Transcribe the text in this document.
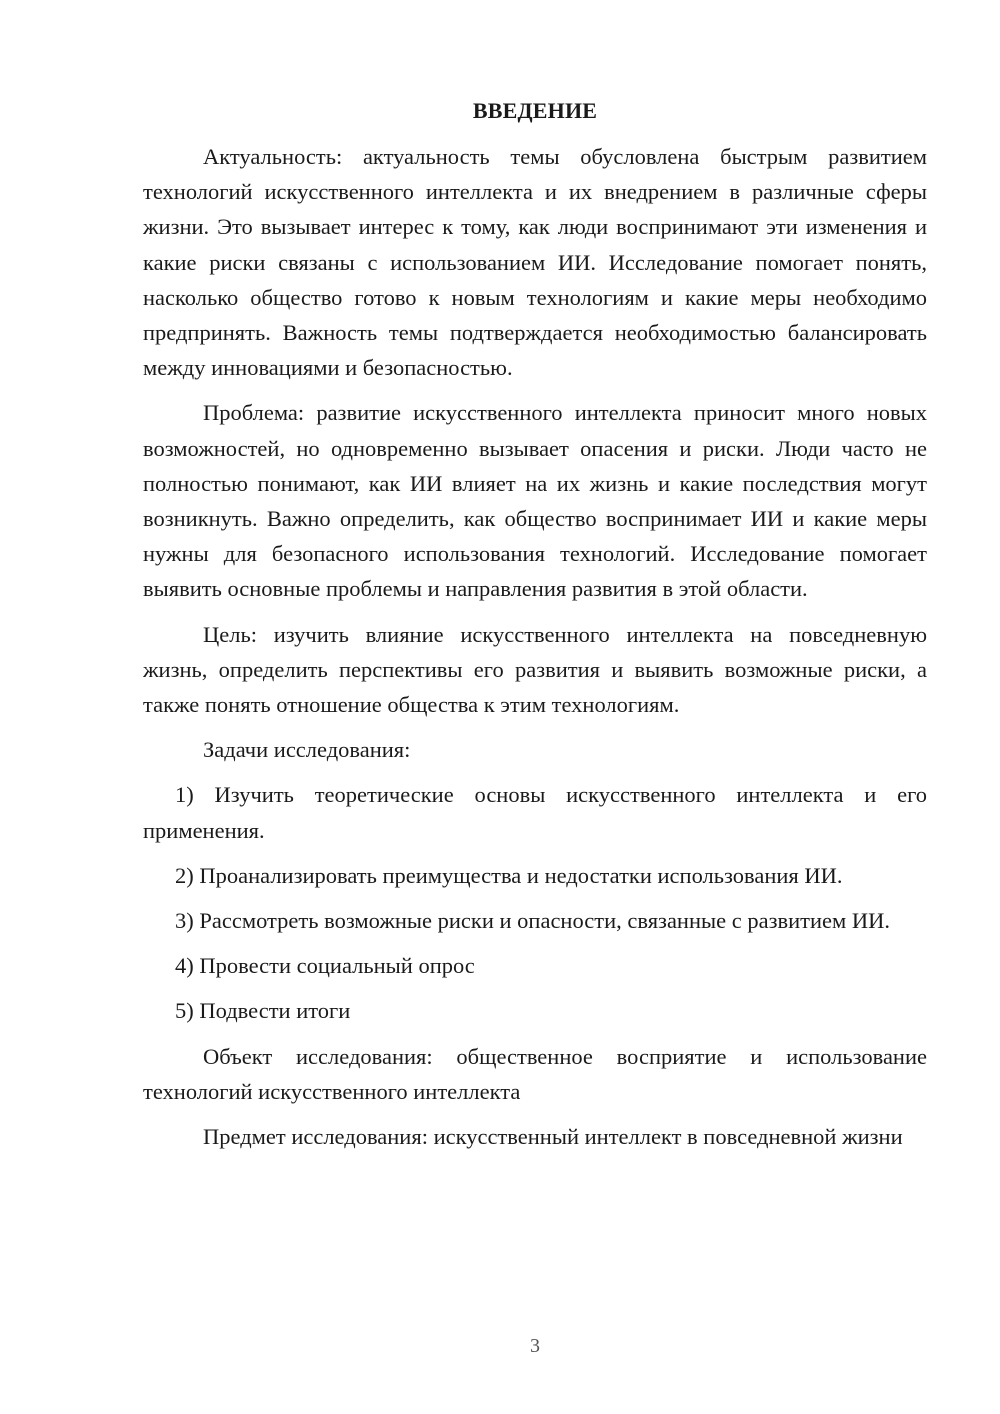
ВВЕДЕНИЕ

Актуальность: актуальность темы обусловлена быстрым развитием технологий искусственного интеллекта и их внедрением в различные сферы жизни. Это вызывает интерес к тому, как люди воспринимают эти изменения и какие риски связаны с использованием ИИ. Исследование помогает понять, насколько общество готово к новым технологиям и какие меры необходимо предпринять. Важность темы подтверждается необходимостью балансировать между инновациями и безопасностью.

Проблема: развитие искусственного интеллекта приносит много новых возможностей, но одновременно вызывает опасения и риски. Люди часто не полностью понимают, как ИИ влияет на их жизнь и какие последствия могут возникнуть. Важно определить, как общество воспринимает ИИ и какие меры нужны для безопасного использования технологий. Исследование помогает выявить основные проблемы и направления развития в этой области.

Цель: изучить влияние искусственного интеллекта на повседневную жизнь, определить перспективы его развития и выявить возможные риски, а также понять отношение общества к этим технологиям.

Задачи исследования:

1) Изучить теоретические основы искусственного интеллекта и его применения.

2) Проанализировать преимущества и недостатки использования ИИ.

3) Рассмотреть возможные риски и опасности, связанные с развитием ИИ.

4) Провести социальный опрос

5) Подвести итоги

Объект исследования: общественное восприятие и использование технологий искусственного интеллекта

Предмет исследования: искусственный интеллект в повседневной жизни

3
